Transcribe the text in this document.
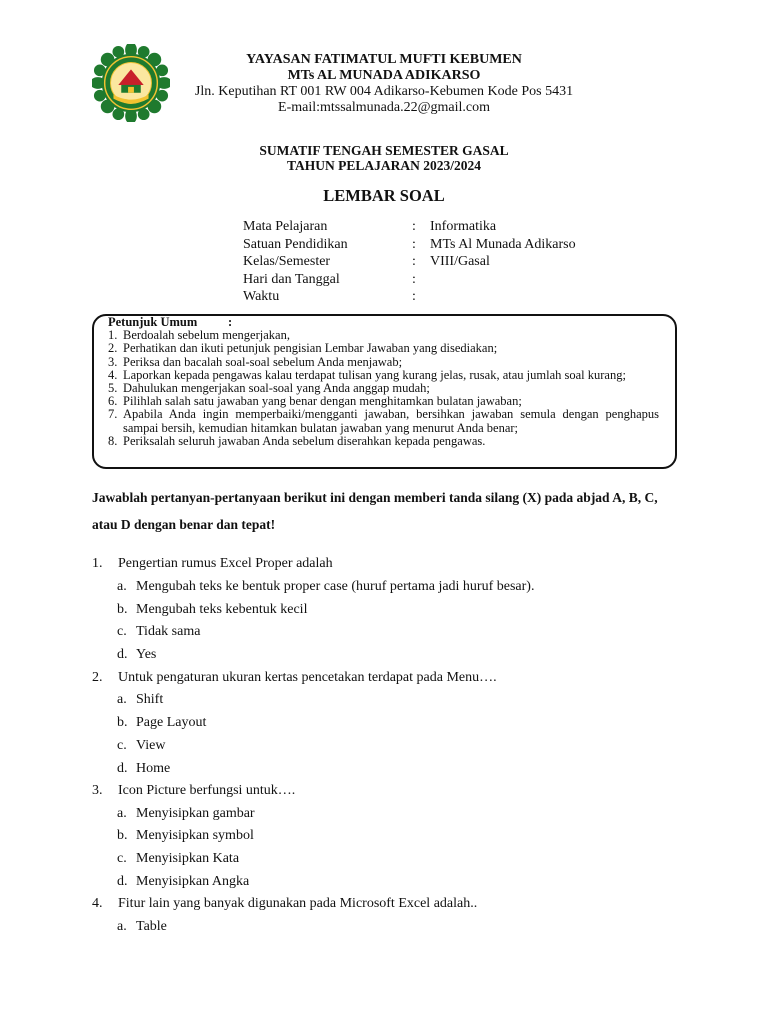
YAYASAN FATIMATUL MUFTI KEBUMEN
MTs AL MUNADA ADIKARSO
Jln. Keputihan RT 001 RW 004 Adikarso-Kebumen Kode Pos 5431
E-mail:mtssalmunada.22@gmail.com
SUMATIF TENGAH SEMESTER GASAL
TAHUN PELAJARAN 2023/2024
LEMBAR SOAL
Mata Pelajaran	:	Informatika
Satuan Pendidikan	:	MTs Al Munada Adikarso
Kelas/Semester	:	VIII/Gasal
Hari dan Tanggal	:
Waktu	:
Petunjuk Umum	:
1. Berdoalah sebelum mengerjakan,
2. Perhatikan dan ikuti petunjuk pengisian Lembar Jawaban yang disediakan;
3. Periksa dan bacalah soal-soal sebelum Anda menjawab;
4. Laporkan kepada pengawas kalau terdapat tulisan yang kurang jelas, rusak, atau jumlah soal kurang;
5. Dahulukan mengerjakan soal-soal yang Anda anggap mudah;
6. Pilihlah salah satu jawaban yang benar dengan menghitamkan bulatan jawaban;
7. Apabila Anda ingin memperbaiki/mengganti jawaban, bersihkan jawaban semula dengan penghapus sampai bersih, kemudian hitamkan bulatan jawaban yang menurut Anda benar;
8. Periksalah seluruh jawaban Anda sebelum diserahkan kepada pengawas.
Jawablah pertanyan-pertanyaan berikut ini dengan memberi tanda silang (X) pada abjad A, B, C, atau D dengan benar dan tepat!
1.	Pengertian rumus Excel Proper adalah
a. Mengubah teks ke bentuk proper case (huruf pertama jadi huruf besar).
b. Mengubah teks kebentuk kecil
c. Tidak sama
d. Yes
2.	Untuk pengaturan ukuran kertas pencetakan terdapat pada Menu….
a. Shift
b. Page Layout
c. View
d. Home
3.	Icon Picture berfungsi untuk….
a. Menyisipkan gambar
b. Menyisipkan symbol
c. Menyisipkan Kata
d. Menyisipkan Angka
4.	Fitur lain yang banyak digunakan pada Microsoft Excel adalah..
a. Table
